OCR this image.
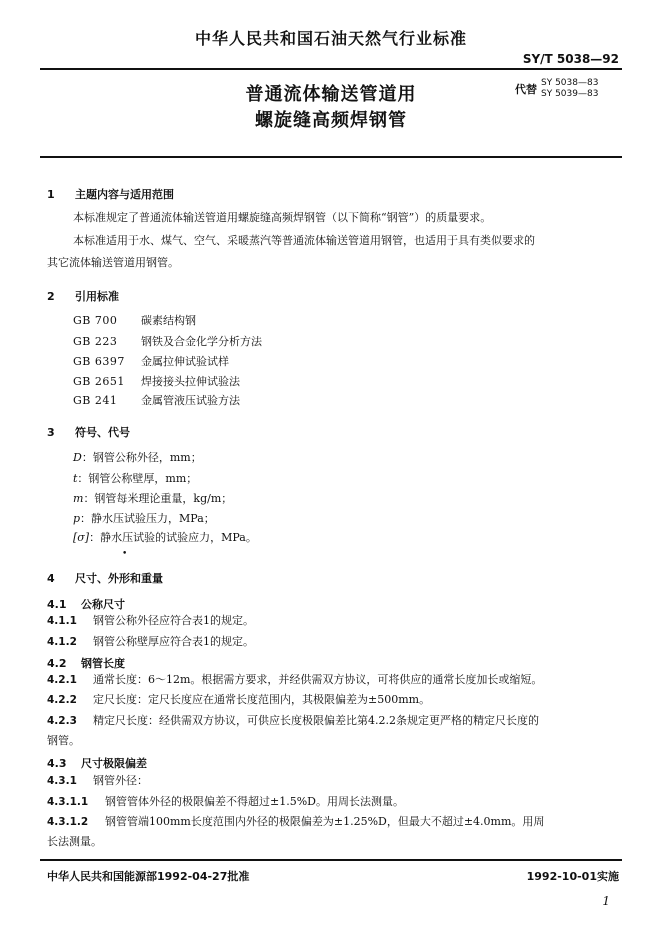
中华人民共和国石油天然气行业标准
SY/T 5038—92
普通流体输送管道用
螺旋缝高频焊钢管
代替 SY 5038—83
SY 5039—83
1 主题内容与适用范围
本标准规定了普通流体输送管道用螺旋缝高频焊钢管（以下简称“钢管”）的质量要求。
本标准适用于水、煤气、空气、采暖蒸汽等普通流体输送管道用钢管，也适用于具有类似要求的
其它流体输送管道用钢管。
2 引用标准
GB 700 碳素结构钢
GB 223 钢铁及合金化学分析方法
GB 6397 金属拉伸试验试样
GB 2651 焊接接头拉伸试验法
GB 241 金属管液压试验方法
3 符号、代号
D：钢管公称外径，mm；
t：钢管公称壁厚，mm；
m：钢管每米理论重量，kg/m；
p：静水压试验压力，MPa；
[σ]：静水压试验的试验应力，MPa。
•
4 尺寸、外形和重量
4.1 公称尺寸
4.1.1 钢管公称外径应符合表1的规定。
4.1.2 钢管公称壁厚应符合表1的规定。
4.2 钢管长度
4.2.1 通常长度：6～12m。根据需方要求，并经供需双方协议，可将供应的通常长度加长或缩短。
4.2.2 定尺长度：定尺长度应在通常长度范围内，其极限偏差为±500mm。
4.2.3 精定尺长度：经供需双方协议，可供应长度极限偏差比第4.2.2条规定更严格的精定尺长度的
钢管。
4.3 尺寸极限偏差
4.3.1 钢管外径：
4.3.1.1 钢管管体外径的极限偏差不得超过±1.5%D。用周长法测量。
4.3.1.2 钢管管端100mm长度范围内外径的极限偏差为±1.25%D，但最大不超过±4.0mm。用周
长法测量。
中华人民共和国能源部1992-04-27批准	1992-10-01实施
1
